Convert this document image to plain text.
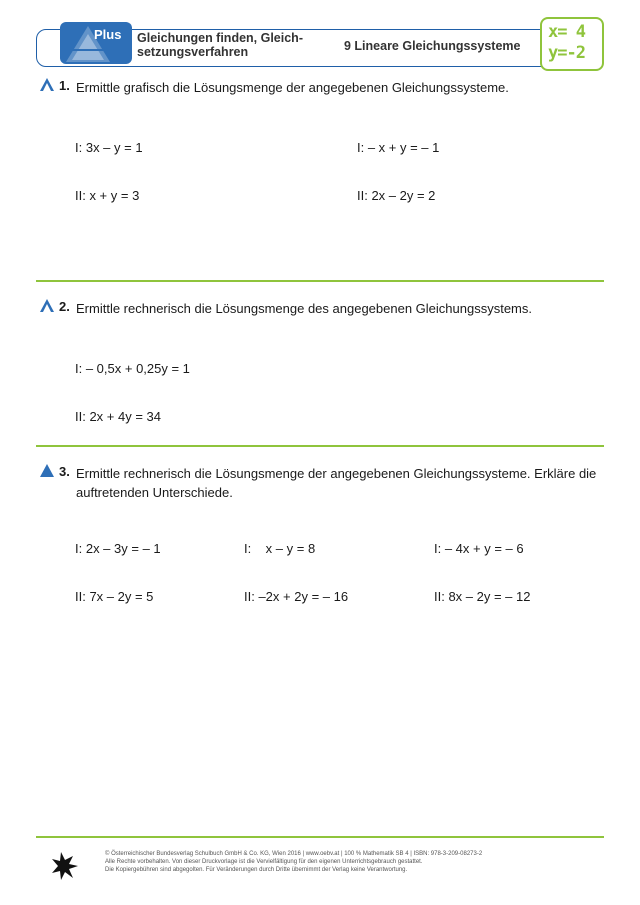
Plus Gleichungen finden, Gleich-
setzungsverfahren	9 Lineare Gleichungssysteme
x= 4
y=-2
1. Ermittle grafisch die Lösungsmenge der angegebenen Gleichungssysteme.

I: 3x – y = 1

II: x + y = 3

I: – x + y = – 1

II: 2x – 2y = 2

2. Ermittle rechnerisch die Lösungsmenge des angegebenen Gleichungssystems.

I: – 0,5x + 0,25y = 1

II: 2x + 4y = 34

3. Ermittle rechnerisch die Lösungsmenge der angegebenen Gleichungssysteme. Erkläre die auftretenden Unterschiede.

I: 2x – 3y = – 1

II: 7x – 2y = 5

I:    x – y = 8

II: –2x + 2y = – 16

I: – 4x + y = – 6

II: 8x – 2y = – 12

© Österreichischer Bundesverlag Schulbuch GmbH & Co. KG, Wien 2016 | www.oebv.at | 100 % Mathematik SB 4 | ISBN: 978-3-209-08273-2
Alle Rechte vorbehalten. Von dieser Druckvorlage ist die Vervielfältigung für den eigenen Unterrichtsgebrauch gestattet.
Die Kopiergebühren sind abgegolten. Für Veränderungen durch Dritte übernimmt der Verlag keine Verantwortung.
